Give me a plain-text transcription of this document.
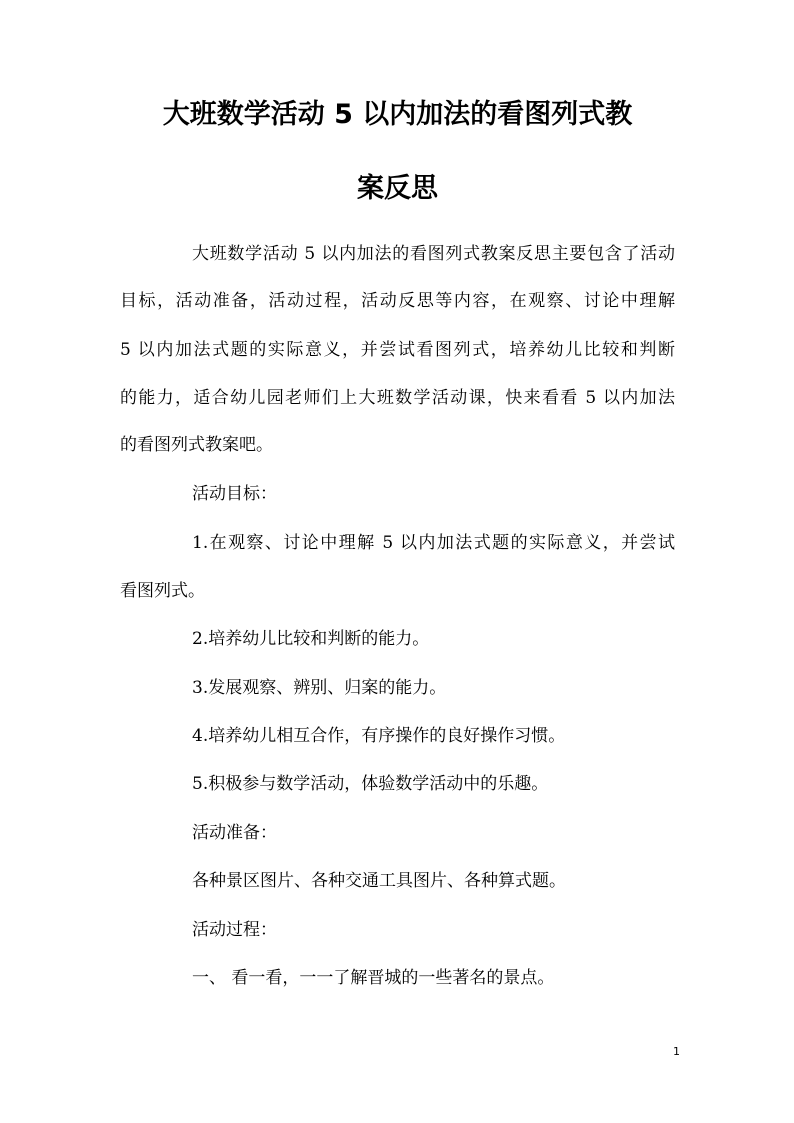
大班数学活动 5 以内加法的看图列式教
案反思
大班数学活动 5 以内加法的看图列式教案反思主要包含了活动
目标，活动准备，活动过程，活动反思等内容，在观察、讨论中理解
5 以内加法式题的实际意义，并尝试看图列式，培养幼儿比较和判断
的能力，适合幼儿园老师们上大班数学活动课，快来看看 5 以内加法
的看图列式教案吧。
活动目标：
1.在观察、讨论中理解 5 以内加法式题的实际意义，并尝试
看图列式。
2.培养幼儿比较和判断的能力。
3.发展观察、辨别、归案的能力。
4.培养幼儿相互合作，有序操作的良好操作习惯。
5.积极参与数学活动，体验数学活动中的乐趣。
活动准备：
各种景区图片、各种交通工具图片、各种算式题。
活动过程：
一、 看一看，一一了解晋城的一些著名的景点。
1
